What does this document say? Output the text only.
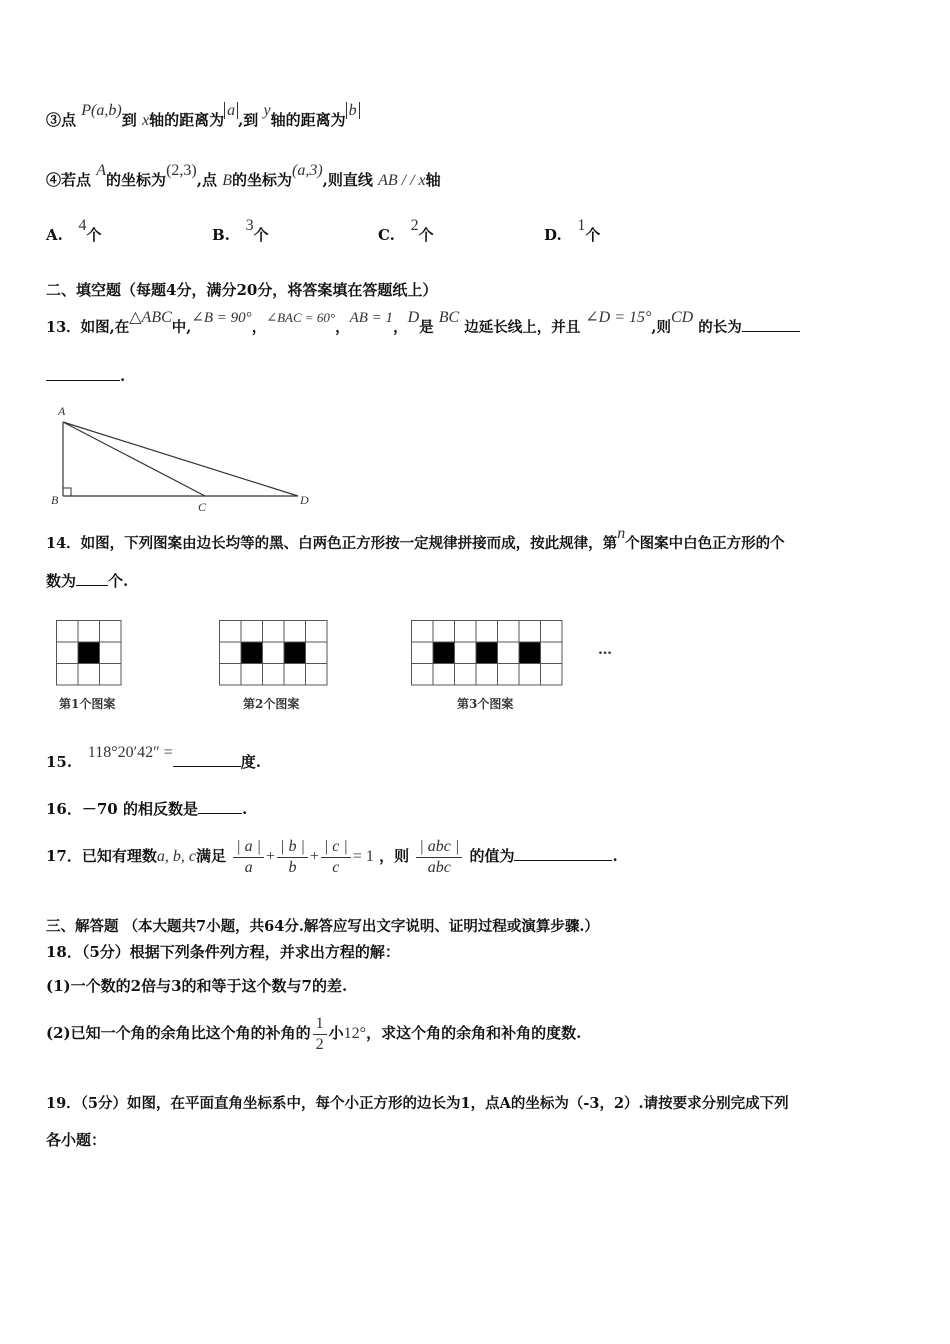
③点 P(a,b)到 x轴的距离为a,到 y轴的距离为b
④若点 A的坐标为(2,3),点 B的坐标为(a,3),则直线 AB / / x轴
A.   4个	B.   3个	C.   2个	D.   1个
二、填空题（每题4分，满分20分，将答案填在答题纸上）
13．如图,在△ABC中,∠B = 90°，∠BAC = 60°，AB = 1，D是 BC 边延长线上，并且 ∠D = 15°,则CD 的长为
.
A
B	C	D
14．如图，下列图案由边长均等的黑、白两色正方形按一定规律拼接而成，按此规律，第n个图案中白色正方形的个
数为 个.
第1个图案	第2个图案	第3个图案
…
15.   118°20′42″ =度.
16．－70 的相反数是	.
17．已知有理数a, b, c满足 $\frac{| a |}{a} + \frac{| b |}{b} + \frac{| c |}{c} = 1$ ，则 $\frac{\text{| abc |}}{\text{abc}}$ 的值为	.
三、解答题 （本大题共7小题，共64分.解答应写出文字说明、证明过程或演算步骤.）
18．（5分）根据下列条件列方程，并求出方程的解：
(1)一个数的2倍与3的和等于这个数与7的差.
(2)已知一个角的余角比这个角的补角的 $\frac{1}{2}$ 小12°，求这个角的余角和补角的度数.
19．（5分）如图，在平面直角坐标系中，每个小正方形的边长为1，点A的坐标为（-3，2）.请按要求分别完成下列
各小题：
